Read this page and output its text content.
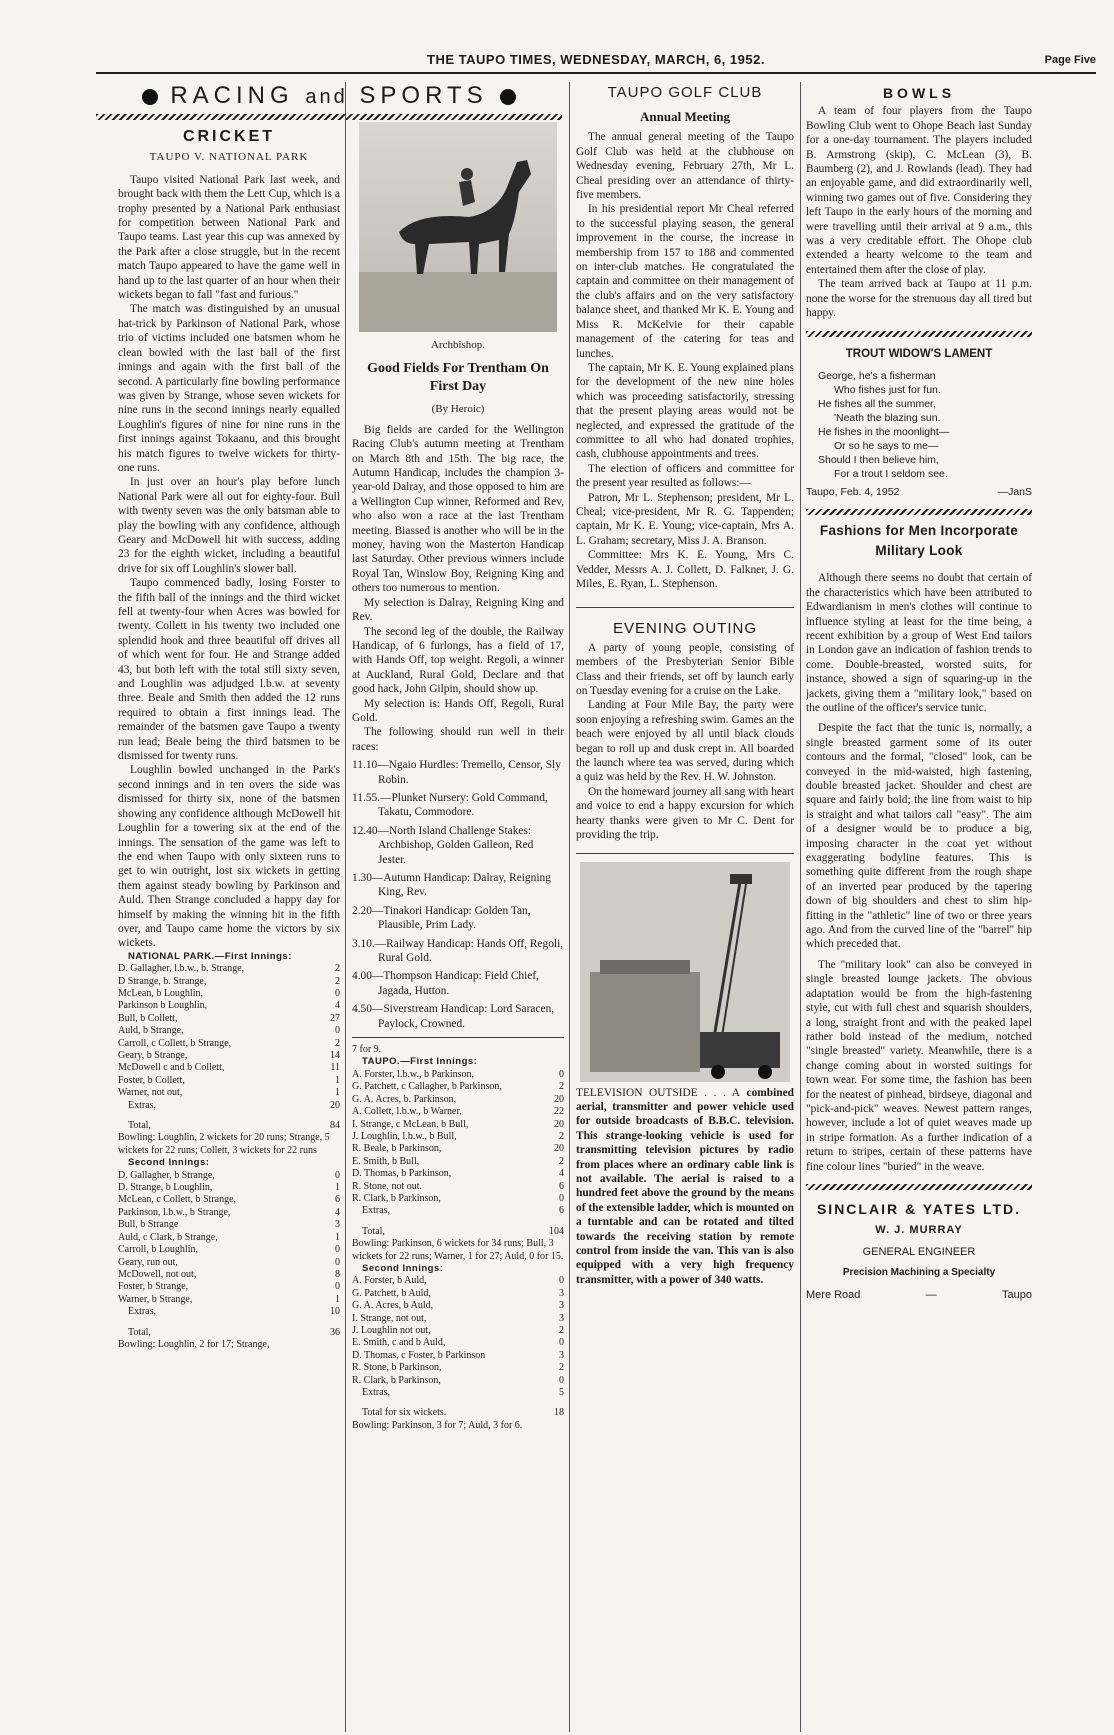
THE TAUPO TIMES, WEDNESDAY, MARCH, 6, 1952.	Page Five
RACING and SPORTS
CRICKET
TAUPO V. NATIONAL PARK

Taupo visited National Park last week, and brought back with them the Lett Cup, which is a trophy presented by a National Park enthusiast for competition between National Park and Taupo teams. Last year this cup was annexed by the Park after a close struggle, but in the recent match Taupo appeared to have the game well in hand up to the last quarter of an hour when their wickets began to fall "fast and furious."

The match was distinguished by an unusual hat-trick by Parkinson of National Park, whose trio of victims included one batsmen whom he clean bowled with the last ball of the first innings and again with the first ball of the second. A particularly fine bowling performance was given by Strange, whose seven wickets for nine runs in the second innings nearly equalled Loughlin's figures of nine for nine runs in the first innings against Tokaanu, and this brought his match figures to twelve wickets for thirty-one runs.

In just over an hour's play before lunch National Park were all out for eighty-four. Bull with twenty seven was the only batsman able to play the bowling with any confidence, although Geary and McDowell hit with success, adding 23 for the eighth wicket, including a beautiful drive for six off Loughlin's slower ball.

Taupo commenced badly, losing Forster to the fifth ball of the innings and the third wicket fell at twenty-four when Acres was bowled for twenty. Collett in his twenty two included one splendid hook and three beautiful off drives all of which went for four. He and Strange added 43, but both left with the total still sixty seven, and Loughlin was adjudged l.b.w. at seventy three. Beale and Smith then added the 12 runs required to obtain a first innings lead. The remainder of the batsmen gave Taupo a twenty run lead; Beale being the third batsmen to be dismissed for twenty runs.

Loughlin bowled unchanged in the Park's second innings and in ten overs the side was dismissed for thirty six, none of the batsmen showing any confidence although McDowell hit Loughlin for a towering six at the end of the innings. The sensation of the game was left to the end when Taupo with only sixteen runs to get to win outright, lost six wickets in getting them against steady bowling by Parkinson and Auld. Then Strange concluded a happy day for himself by making the winning hit in the fifth over, and Taupo came home the victors by six wickets.

NATIONAL PARK.—First Innings:
D. Gallagher, l.b.w., b. Strange,	2
D Strange, b. Strange,	2
McLean, b Loughlin,	0
Parkinson b Loughlin,	4
Bull, b Collett,	27
Auld, b Strange,	0
Carroll, c Collett, b Strange,	2
Geary, b Strange,	14
McDowell c and b Collett,	11
Foster, b Collett,	1
Warner, not out,	1
Extras,	20
Total,	84
Bowling: Loughlin, 2 wickets for 20 runs; Strange, 5 wickets for 22 runs; Collett, 3 wickets for 22 runs
Second Innings:
D. Gallagher, b Strange,	0
D. Strange, b Loughlin,	1
McLean, c Collett, b Strange,	6
Parkinson, l.b.w., b Strange,	4
Bull, b Strange	3
Auld, c Clark, b Strange,	1
Carroll, b Loughlin,	0
Geary, run out,	0
McDowell, not out,	8
Foster, b Strange,	0
Warner, b Strange,	1
Extras,	10
Total,	36
Bowling: Loughlin, 2 for 17; Strange,
Archbishop.
Good Fields For Trentham On First Day
(By Heroic)

Big fields are carded for the Wellington Racing Club's autumn meeting at Trentham on March 8th and 15th. The big race, the Autumn Handicap, includes the champion 3-year-old Dalray, and those opposed to him are a Wellington Cup winner, Reformed and Rev, who also won a race at the last Trentham meeting. Biassed is another who will be in the money, having won the Masterton Handicap last Saturday. Other previous winners include Royal Tan, Winslow Boy, Reigning King and others too numerous to mention.

My selection is Dalray, Reigning King and Rev.

The second leg of the double, the Railway Handicap, of 6 furlongs, has a field of 17, with Hands Off, top weight. Regoli, a winner at Auckland, Rural Gold, Declare and that good hack, John Gilpin, should show up.

My selection is: Hands Off, Regoli, Rural Gold.

The following should run well in their races:

11.10—Ngaio Hurdles: Tremello, Censor, Sly Robin.

11.55.—Plunket Nursery: Gold Command, Takatu, Commodore.

12.40—North Island Challenge Stakes: Archbishop, Golden Galleon, Red Jester.

1.30—Autumn Handicap: Dalray, Reigning King, Rev.

2.20—Tinakori Handicap: Golden Tan, Plausible, Prim Lady.

3.10.—Railway Handicap: Hands Off, Regoli, Rural Gold.

4.00—Thompson Handicap: Field Chief, Jagada, Hutton.

4.50—Siverstream Handicap: Lord Saracen, Paylock, Crowned.

7 for 9.
TAUPO.—First Innings:
A. Forster, l.b.w., b Parkinson,	0
G. Patchett, c Callagher, b Parkinson,	2
G. A. Acres, b. Parkinson,	20
A. Collett, l.b.w., b Warner,	22
I. Strange, c McLean, b Bull,	20
J. Loughlin, l.b.w., b Bull,	2
R. Beale, b Parkinson,	20
E. Smith, b Bull,	2
D. Thomas, b Parkinson,	4
R. Stone, not out.	6
R. Clark, b Parkinson,	0
Extras,	6
Total,	104
Bowling: Parkinson, 6 wickets for 34 runs; Bull, 3 wickets for 22 runs; Warner, 1 for 27; Auld, 0 for 15.
Second Innings:
A. Forster, b Auld,	0
G. Patchett, b Auld,	3
G. A. Acres, b Auld,	3
I. Strange, not out,	3
J. Loughlin not out,	2
E. Smith, c and b Auld,	0
D. Thomas, c Foster, b Parkinson	3
R. Stone, b Parkinson,	2
R. Clark, b Parkinson,	0
Extras,	5
Total for six wickets.	18
Bowling: Parkinson, 3 for 7; Auld, 3 for 6.
TAUPO GOLF CLUB
Annual Meeting

The annual general meeting of the Taupo Golf Club was held at the clubhouse on Wednesday evening, February 27th, Mr L. Cheal presiding over an attendance of thirty-five members.

In his presidential report Mr Cheal referred to the successful playing season, the general improvement in the course, the increase in membership from 157 to 188 and commented on inter-club matches. He congratulated the captain and committee on their management of the club's affairs and on the very satisfactory balance sheet, and thanked Mr K. E. Young and Miss R. McKelvie for their capable management of the catering for teas and lunches.

The captain, Mr K. E. Young explained plans for the development of the new nine holes which was proceeding satisfactorily, stressing that the present playing areas would not be neglected, and expressed the gratitude of the committee to all who had donated trophies, cash, clubhouse appointments and trees.

The election of officers and committee for the present year resulted as follows:—

Patron, Mr L. Stephenson; president, Mr L. Cheal; vice-president, Mr R. G. Tappenden; captain, Mr K. E. Young; vice-captain, Mrs A. L. Graham; secretary, Miss J. A. Branson.

Committee: Mrs K. E. Young, Mrs C. Vedder, Messrs A. J. Collett, D. Falkner, J. G. Miles, E. Ryan, L. Stephenson.

EVENING OUTING

A party of young people, consisting of members of the Presbyterian Senior Bible Class and their friends, set off by launch early on Tuesday evening for a cruise on the Lake.

Landing at Four Mile Bay, the party were soon enjoying a refreshing swim. Games an the beach were enjoyed by all until black clouds began to roll up and dusk crept in. All boarded the launch where tea was served, during which a quiz was held by the Rev. H. W. Johnston.

On the homeward journey all sang with heart and voice to end a happy excursion for which hearty thanks were given to Mr C. Dent for providing the trip.

TELEVISION OUTSIDE . . . A combined aerial, transmitter and power vehicle used for outside broadcasts of B.B.C. television. This strange-looking vehicle is used for transmitting television pictures by radio from places where an ordinary cable link is not available. The aerial is raised to a hundred feet above the ground by the means of the extensible ladder, which is mounted on a turntable and can be rotated and tilted towards the receiving station by remote control from inside the van. This van is also equipped with a very high frequency transmitter, with a power of 340 watts.

BOWLS

A team of four players from the Taupo Bowling Club went to Ohope Beach last Sunday for a one-day tournament. The players included B. Armstrong (skip), C. McLean (3), B. Baumberg (2), and J. Rowlands (lead). They had an enjoyable game, and did extraordinarily well, winning two games out of five. Considering they left Taupo in the early hours of the morning and were travelling until their arrival at 9 a.m., this was a very creditable effort. The Ohope club extended a hearty welcome to the team and entertained them after the close of play.

The team arrived back at Taupo at 11 p.m. none the worse for the strenuous day all tired but happy.

TROUT WIDOW'S LAMENT
George, he's a fisherman
Who fishes just for fun.
He fishes all the summer,
'Neath the blazing sun.
He fishes in the moonlight—
Or so he says to me—
Should I then believe him,
For a trout I seldom see.
Taupo, Feb. 4, 1952	—JanS
Fashions for Men Incorporate Military Look

Although there seems no doubt that certain of the characteristics which have been attributed to Edwardianism in men's clothes will continue to influence styling at least for the time being, a recent exhibition by a group of West End tailors in London gave an indication of fashion trends to come. Double-breasted, worsted suits, for instance, showed a sign of squaring-up in the jackets, giving them a "military look," based on the outline of the officer's service tunic.

Despite the fact that the tunic is, normally, a single breasted garment some of its outer contours and the formal, "closed" look, can be conveyed in the mid-waisted, high fastening, double breasted jacket. Shoulder and chest are square and fairly bold; the line from waist to hip is straight and what tailors call "easy". The aim of a designer would be to produce a big, imposing character in the coat yet without exaggerating bodyline features. This is something quite different from the rough shape of an inverted pear produced by the tapering down of big shoulders and chest to slim hip-fitting in the "athletic" line of two or three years ago. And from the curved line of the "barrel" hip which preceded that.

The "military look" can also be conveyed in single breasted lounge jackets. The obvious adaptation would be from the high-fastening style, cut with full chest and squarish shoulders, a long, straight front and with the peaked lapel rather bold instead of the medium, notched "single breasted" variety. Meanwhile, there is a change coming about in worsted suitings for town wear. For some time, the fashion has been for the neatest of pinhead, birdseye, diagonal and "pick-and-pick" weaves. Newest pattern ranges, however, include a lot of quiet weaves made up in stripe formation. As a further indication of a return to stripes, certain of these patterns have fine colour lines "buried" in the weave.

SINCLAIR & YATES LTD.
W. J. MURRAY
GENERAL ENGINEER
Precision Machining a Specialty
Mere Road	—	Taupo
